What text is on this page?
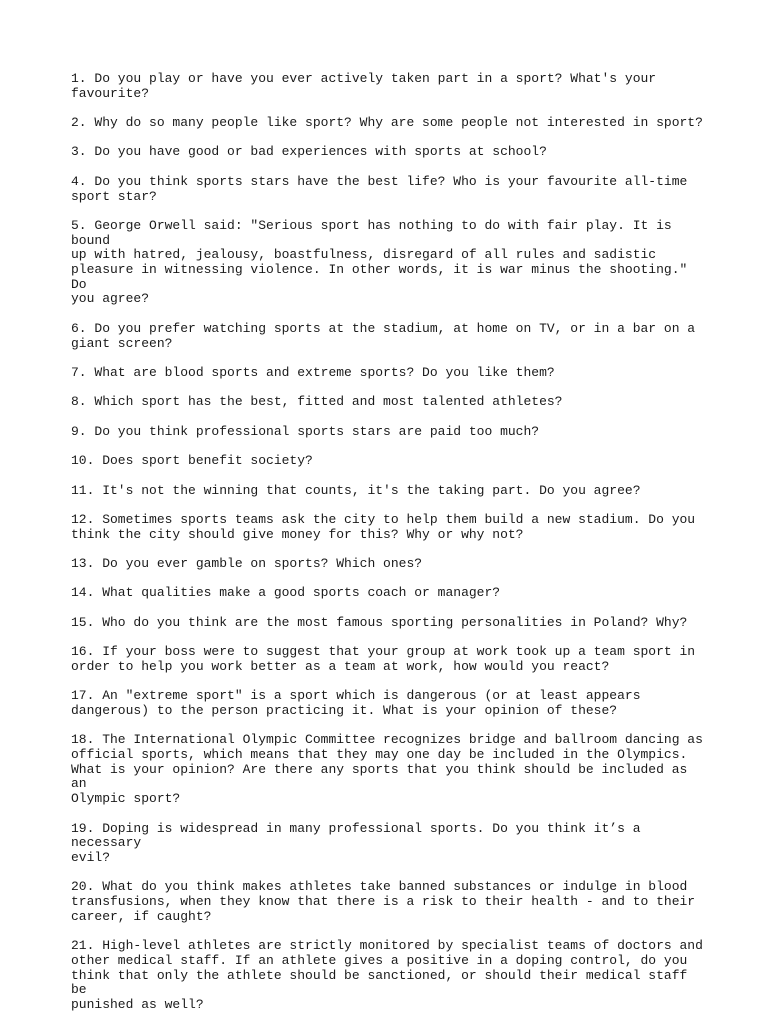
1. Do you play or have you ever actively taken part in a sport? What's your
favourite?

2. Why do so many people like sport? Why are some people not interested in sport?

3. Do you have good or bad experiences with sports at school?

4. Do you think sports stars have the best life? Who is your favourite all-time
sport star?

5. George Orwell said: "Serious sport has nothing to do with fair play. It is bound
up with hatred, jealousy, boastfulness, disregard of all rules and sadistic
pleasure in witnessing violence. In other words, it is war minus the shooting." Do
you agree?

6. Do you prefer watching sports at the stadium, at home on TV, or in a bar on a
giant screen?

7. What are blood sports and extreme sports? Do you like them?

8. Which sport has the best, fitted and most talented athletes?

9. Do you think professional sports stars are paid too much?

10. Does sport benefit society?

11. It's not the winning that counts, it's the taking part. Do you agree?

12. Sometimes sports teams ask the city to help them build a new stadium. Do you
think the city should give money for this? Why or why not?

13. Do you ever gamble on sports? Which ones?

14. What qualities make a good sports coach or manager?

15. Who do you think are the most famous sporting personalities in Poland? Why?

16. If your boss were to suggest that your group at work took up a team sport in
order to help you work better as a team at work, how would you react?

17. An "extreme sport" is a sport which is dangerous (or at least appears
dangerous) to the person practicing it. What is your opinion of these?

18. The International Olympic Committee recognizes bridge and ballroom dancing as
official sports, which means that they may one day be included in the Olympics.
What is your opinion? Are there any sports that you think should be included as an
Olympic sport?

19. Doping is widespread in many professional sports. Do you think it’s a necessary
evil?

20. What do you think makes athletes take banned substances or indulge in blood
transfusions, when they know that there is a risk to their health - and to their
career, if caught?

21. High-level athletes are strictly monitored by specialist teams of doctors and
other medical staff. If an athlete gives a positive in a doping control, do you
think that only the athlete should be sanctioned, or should their medical staff be
punished as well?
